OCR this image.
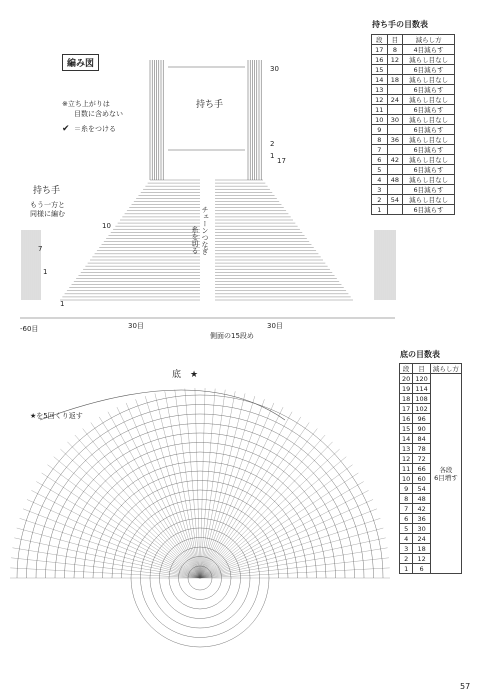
編み図
※立ち上がりは
目数に含めない
✔ ＝糸をつける
持ち手
持ち手
もう一方と
同様に編む	チェーンつなぎ
糸を切る
-60目	30目	30目
側面の15段め
30
2
1
17
10
1
7
1
持ち手の目数表
段	目	減らし方
17	8	4目減らす
16	12	減らし目なし
15		6目減らす
14	18	減らし目なし
13		6目減らす
12	24	減らし目なし
11		6目減らす
10	30	減らし目なし
9		6目減らす
8	36	減らし目なし
7		6目減らす
6	42	減らし目なし
5		6目減らす
4	48	減らし目なし
3		6目減らす
2	54	減らし目なし
1		6目減らす
底 ★
★を5回くり返す
底の目数表
段	目	減らし方
20	120	各段
6目増す

19	114	
18	108	
17	102	
16	96	
15	90	
14	84	
13	78	
12	72	
11	66	
10	60	
9	54	
8	48	
7	42	
6	36	
5	30	
4	24	
3	18	
2	12	
1	6	
57
